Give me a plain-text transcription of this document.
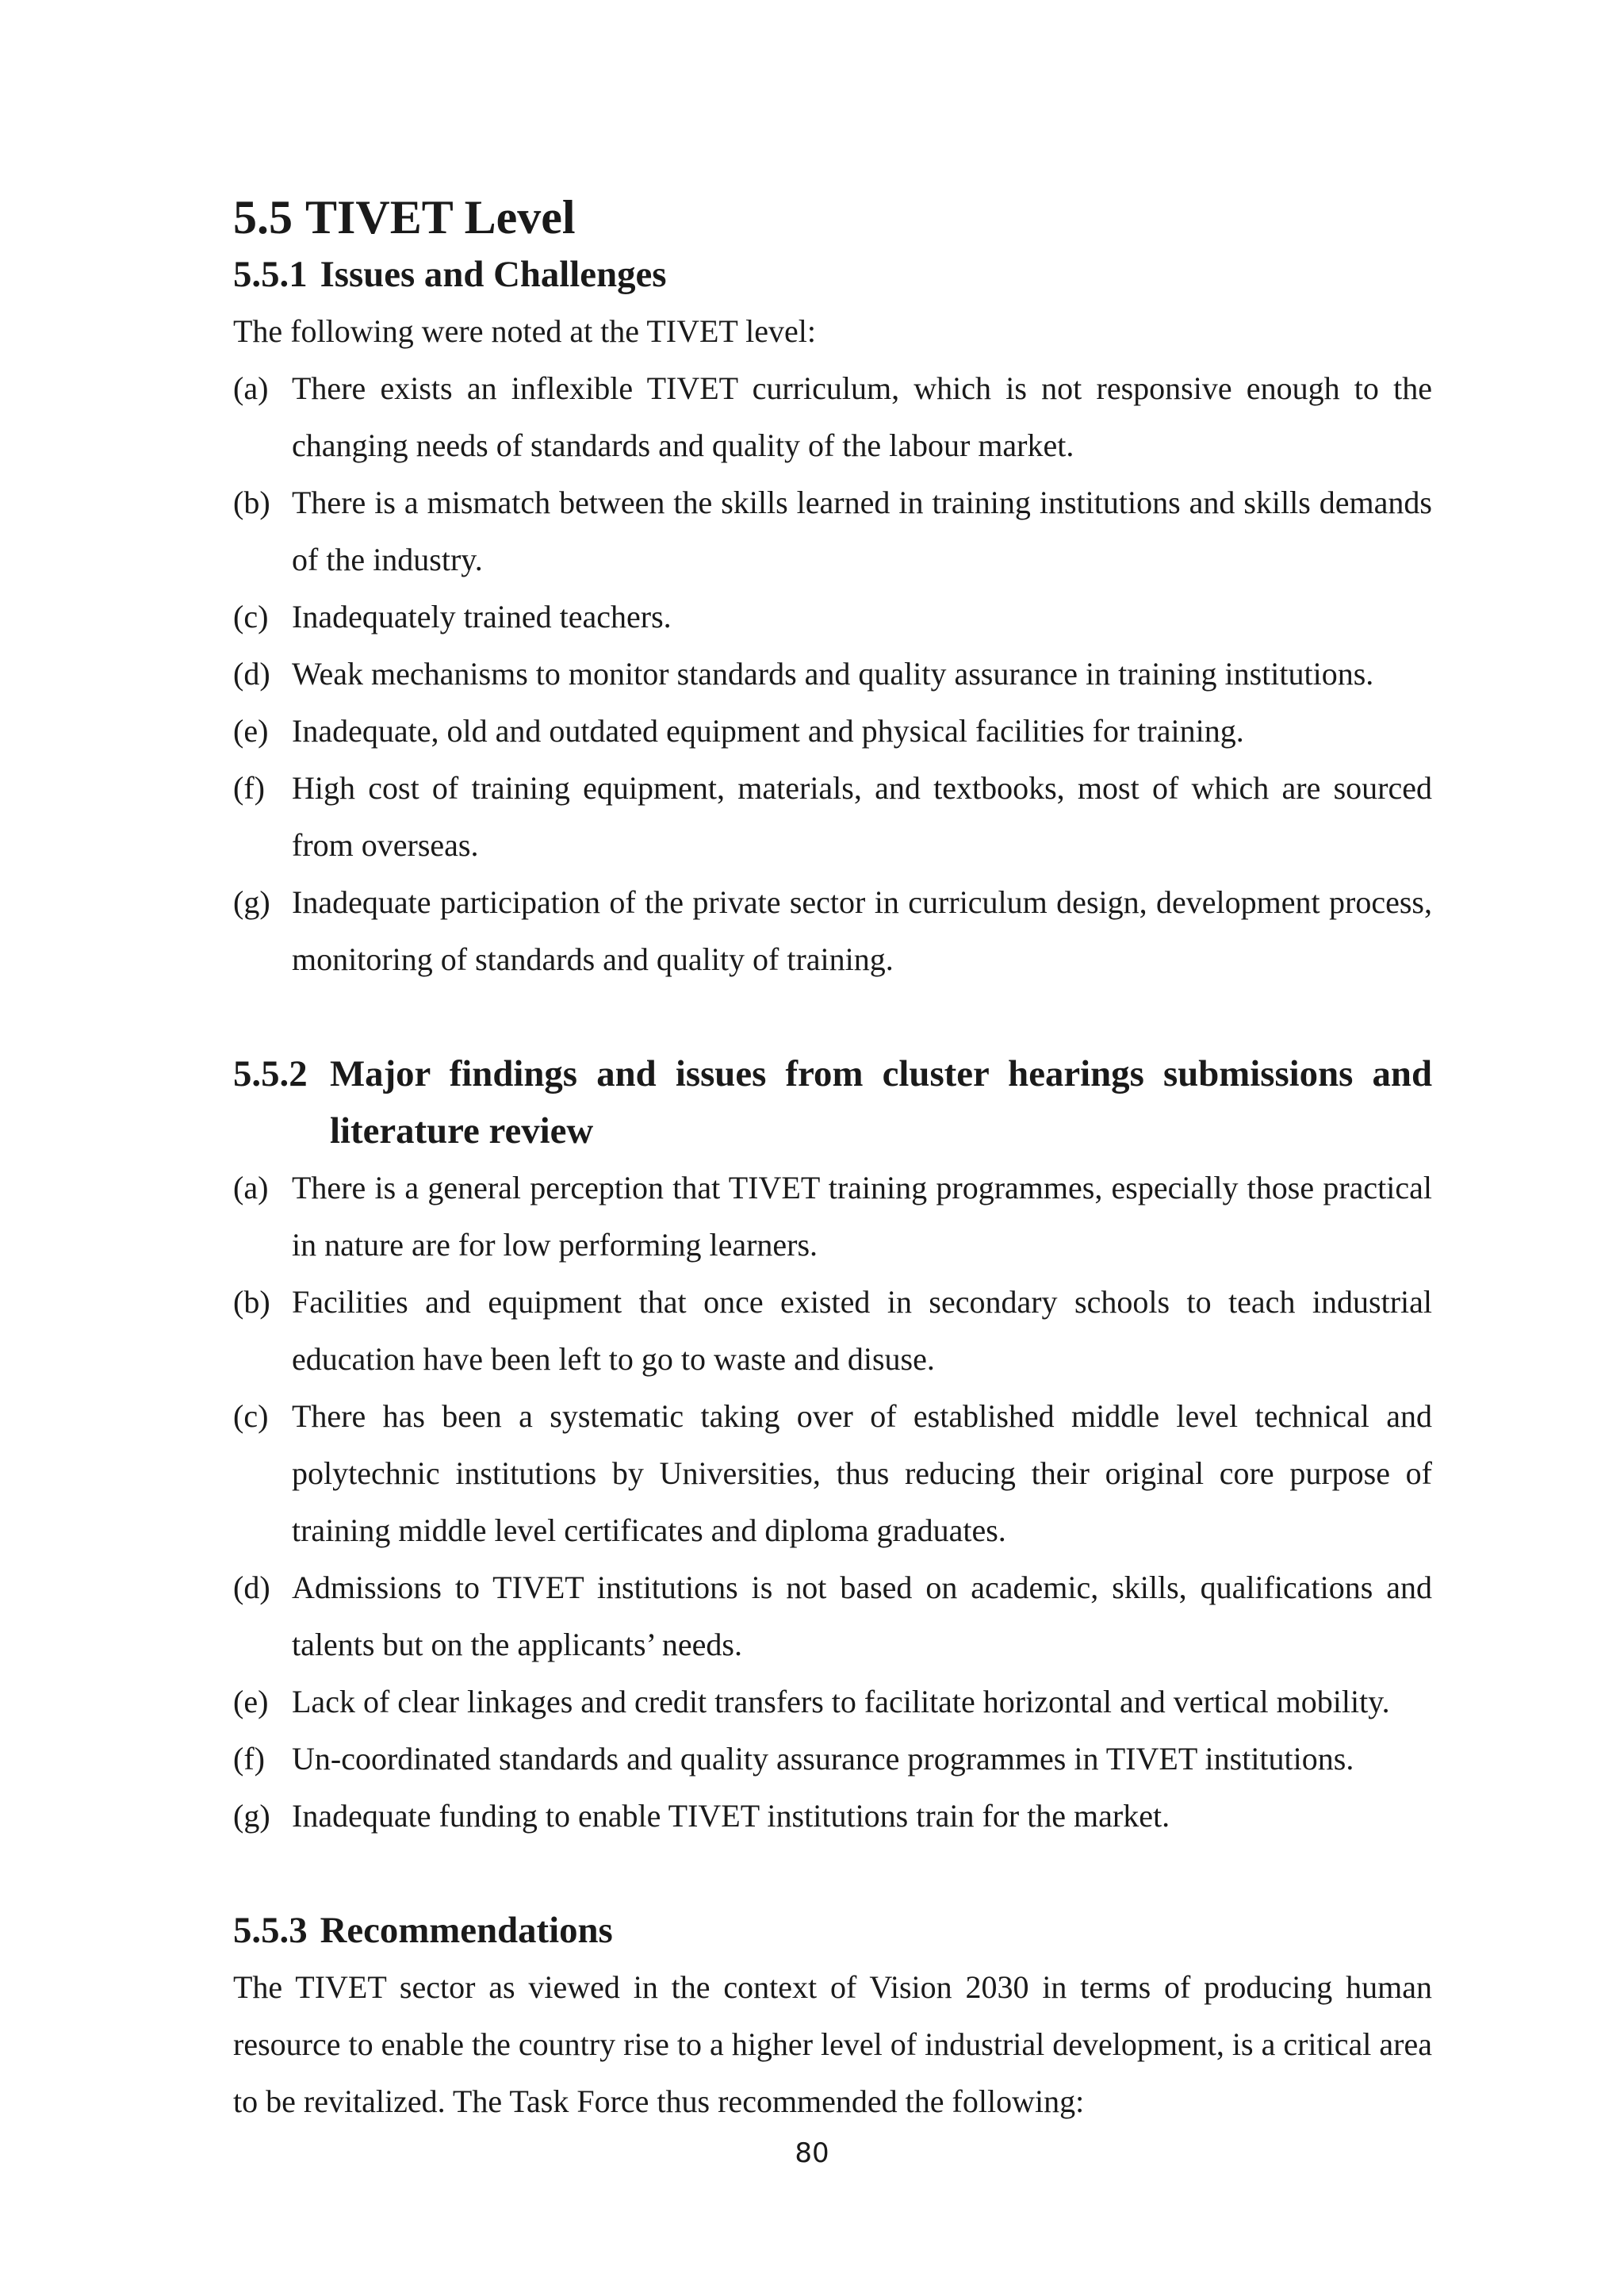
5.5 TIVET Level
5.5.1 Issues and Challenges

The following were noted at the TIVET level:

(a) There exists an inflexible TIVET curriculum, which is not responsive enough to the changing needs of standards and quality of the labour market.
(b) There is a mismatch between the skills learned in training institutions and skills demands of the industry.
(c) Inadequately trained teachers.
(d) Weak mechanisms to monitor standards and quality assurance in training institutions.
(e) Inadequate, old and outdated equipment and physical facilities for training.
(f) High cost of training equipment, materials, and textbooks, most of which are sourced from overseas.
(g) Inadequate participation of the private sector in curriculum design, development process, monitoring of standards and quality of training.
5.5.2 Major findings and issues from cluster hearings submissions and literature review
(a) There is a general perception that TIVET training programmes, especially those practical in nature are for low performing learners.
(b) Facilities and equipment that once existed in secondary schools to teach industrial education have been left to go to waste and disuse.
(c) There has been a systematic taking over of established middle level technical and polytechnic institutions by Universities, thus reducing their original core purpose of training middle level certificates and diploma graduates.
(d) Admissions to TIVET institutions is not based on academic, skills, qualifications and talents but on the applicants’ needs.
(e) Lack of clear linkages and credit transfers to facilitate horizontal and vertical mobility.
(f) Un-coordinated standards and quality assurance programmes in TIVET institutions.
(g) Inadequate funding to enable TIVET institutions train for the market.
5.5.3 Recommendations

The TIVET sector as viewed in the context of Vision 2030 in terms of producing human resource to enable the country rise to a higher level of industrial development, is a critical area to be revitalized. The Task Force thus recommended the following:

80
